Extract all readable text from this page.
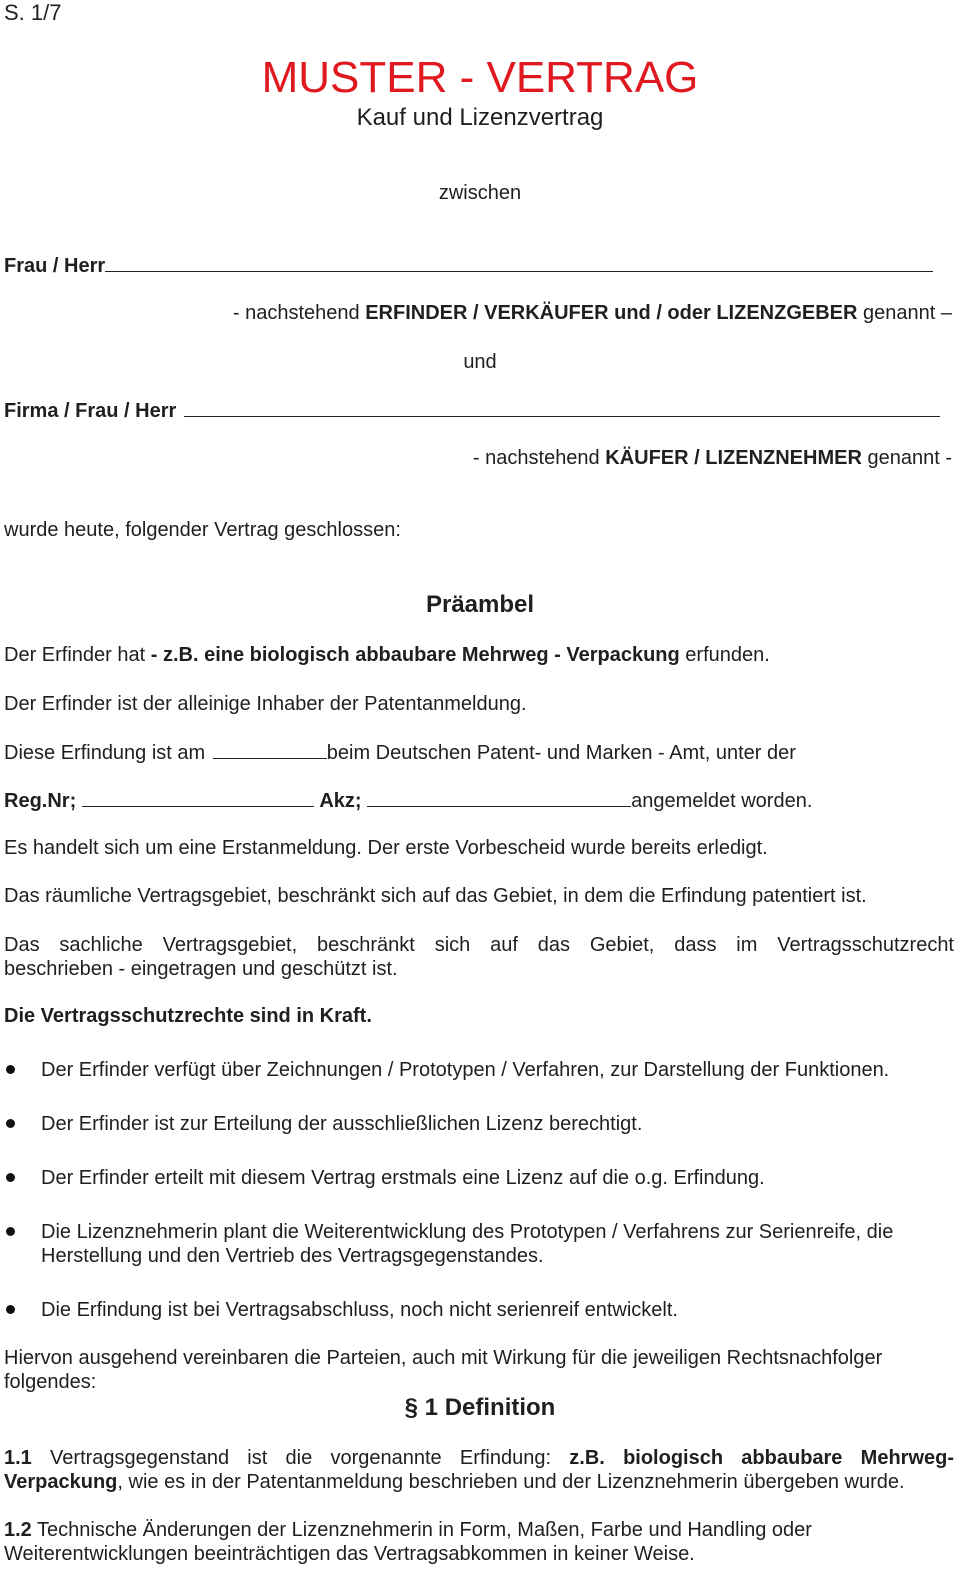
S. 1/7
MUSTER - VERTRAG
Kauf und Lizenzvertrag
zwischen
Frau / Herr
- nachstehend ERFINDER / VERKÄUFER und / oder LIZENZGEBER genannt –
und
Firma / Frau / Herr
- nachstehend KÄUFER / LIZENZNEHMER genannt -
wurde heute, folgender Vertrag geschlossen:
Präambel
Der Erfinder hat - z.B. eine biologisch abbaubare Mehrweg - Verpackung erfunden.
Der Erfinder ist der alleinige Inhaber der Patentanmeldung.
Diese Erfindung ist am	beim Deutschen Patent- und Marken - Amt, unter der
Reg.Nr;	Akz;	angemeldet worden.
Es handelt sich um eine Erstanmeldung. Der erste Vorbescheid wurde bereits erledigt.
Das räumliche Vertragsgebiet, beschränkt sich auf das Gebiet, in dem die Erfindung patentiert ist.
Das sachliche Vertragsgebiet, beschränkt sich auf das Gebiet, dass im Vertragsschutzrecht
beschrieben - eingetragen und geschützt ist.
Die Vertragsschutzrechte sind in Kraft.
Der Erfinder verfügt über Zeichnungen / Prototypen / Verfahren, zur Darstellung der Funktionen.
Der Erfinder ist zur Erteilung der ausschließlichen Lizenz berechtigt.
Der Erfinder erteilt mit diesem Vertrag erstmals eine Lizenz auf die o.g. Erfindung.
Die Lizenznehmerin plant die Weiterentwicklung des Prototypen / Verfahrens zur Serienreife, die
Herstellung und den Vertrieb des Vertragsgegenstandes.
Die Erfindung ist bei Vertragsabschluss, noch nicht serienreif entwickelt.
Hiervon ausgehend vereinbaren die Parteien, auch mit Wirkung für die jeweiligen Rechtsnachfolger
folgendes:
§ 1 Definition
1.1 Vertragsgegenstand ist die vorgenannte Erfindung: z.B. biologisch abbaubare Mehrweg-
Verpackung, wie es in der Patentanmeldung beschrieben und der Lizenznehmerin übergeben wurde.
1.2 Technische Änderungen der Lizenznehmerin in Form, Maßen, Farbe und Handling oder
Weiterentwicklungen beeinträchtigen das Vertragsabkommen in keiner Weise.
